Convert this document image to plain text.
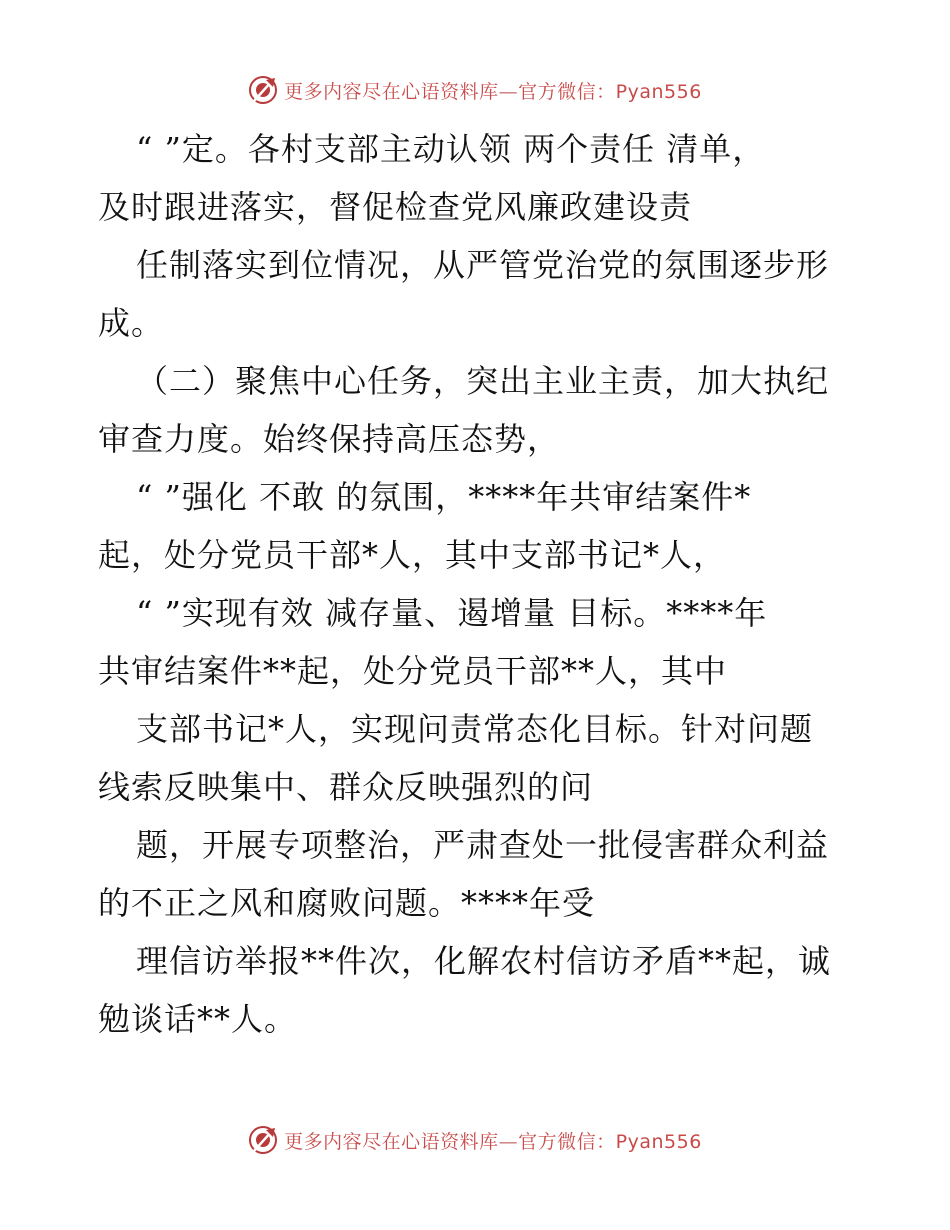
更多内容尽在心语资料库—官方微信：Pyan556
“ ”定。各村支部主动认领 两个责任 清单，
及时跟进落实，督促检查党风廉政建设责
任制落实到位情况，从严管党治党的氛围逐步形
成。
（二）聚焦中心任务，突出主业主责，加大执纪
审查力度。始终保持高压态势，
“ ”强化 不敢 的氛围，****年共审结案件*
起，处分党员干部*人，其中支部书记*人，
“ ”实现有效 减存量、遏增量 目标。****年
共审结案件**起，处分党员干部**人，其中
支部书记*人，实现问责常态化目标。针对问题
线索反映集中、群众反映强烈的问
题，开展专项整治，严肃查处一批侵害群众利益
的不正之风和腐败问题。****年受
理信访举报**件次，化解农村信访矛盾**起，诚
勉谈话**人。
更多内容尽在心语资料库—官方微信：Pyan556
